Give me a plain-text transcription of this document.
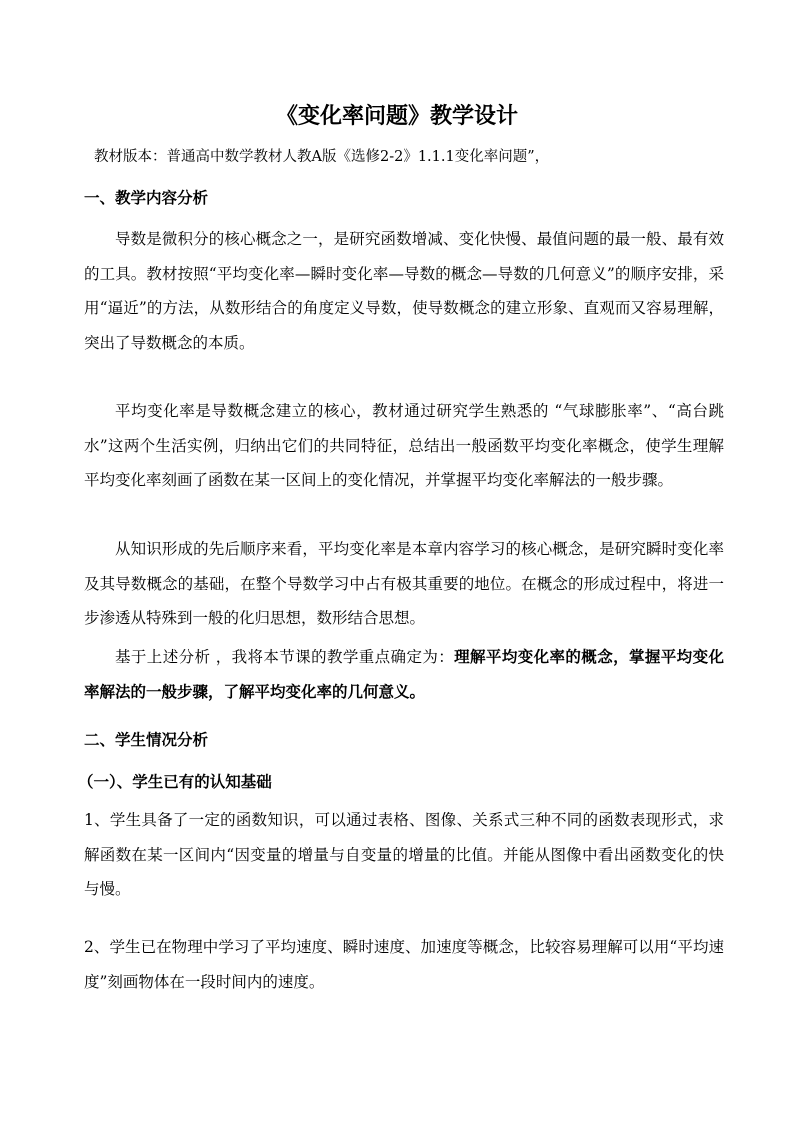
《变化率问题》教学设计
教材版本：普通高中数学教材人教A版《选修2-2》1.1.1变化率问题”，
一、教学内容分析

导数是微积分的核心概念之一，是研究函数增减、变化快慢、最值问题的最一般、最有效的工具。教材按照“平均变化率—瞬时变化率—导数的概念—导数的几何意义”的顺序安排，采用“逼近”的方法，从数形结合的角度定义导数，使导数概念的建立形象、直观而又容易理解，突出了导数概念的本质。

平均变化率是导数概念建立的核心，教材通过研究学生熟悉的 “气球膨胀率”、“高台跳水”这两个生活实例，归纳出它们的共同特征，总结出一般函数平均变化率概念，使学生理解平均变化率刻画了函数在某一区间上的变化情况，并掌握平均变化率解法的一般步骤。

从知识形成的先后顺序来看，平均变化率是本章内容学习的核心概念，是研究瞬时变化率及其导数概念的基础，在整个导数学习中占有极其重要的地位。在概念的形成过程中，将进一步渗透从特殊到一般的化归思想，数形结合思想。

基于上述分析 ，我将本节课的教学重点确定为：理解平均变化率的概念，掌握平均变化率解法的一般步骤，了解平均变化率的几何意义。

二、学生情况分析
（一）、学生已有的认知基础

1、学生具备了一定的函数知识，可以通过表格、图像、关系式三种不同的函数表现形式，求解函数在某一区间内“因变量的增量与自变量的增量的比值。并能从图像中看出函数变化的快与慢。

2、学生已在物理中学习了平均速度、瞬时速度、加速度等概念，比较容易理解可以用“平均速度”刻画物体在一段时间内的速度。
